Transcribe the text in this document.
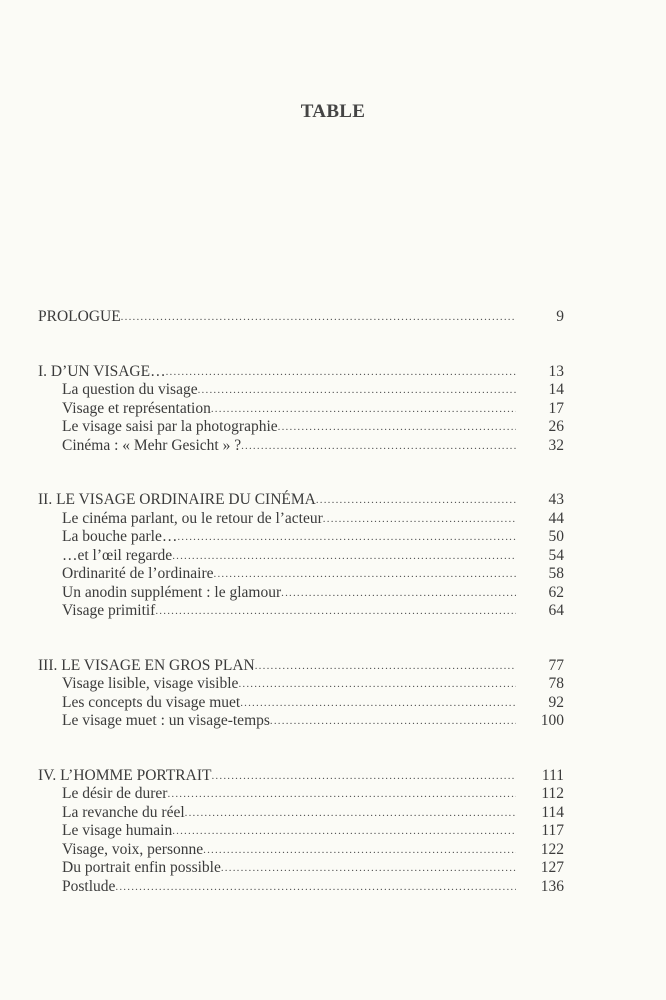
TABLE
PROLOGUE .....	9
I. D’UN VISAGE… .....	13
La question du visage .....	14
Visage et représentation .....	17
Le visage saisi par la photographie .....	26
Cinéma : « Mehr Gesicht » ? .....	32
II. LE VISAGE ORDINAIRE DU CINÉMA .....	43
Le cinéma parlant, ou le retour de l’acteur .....	44
La bouche parle… .....	50
…et l’œil regarde .....	54
Ordinarité de l’ordinaire .....	58
Un anodin supplément : le glamour .....	62
Visage primitif .....	64
III. LE VISAGE EN GROS PLAN .....	77
Visage lisible, visage visible .....	78
Les concepts du visage muet .....	92
Le visage muet : un visage-temps .....	100
IV. L’HOMME PORTRAIT .....	111
Le désir de durer .....	112
La revanche du réel .....	114
Le visage humain .....	117
Visage, voix, personne .....	122
Du portrait enfin possible .....	127
Postlude .....	136
